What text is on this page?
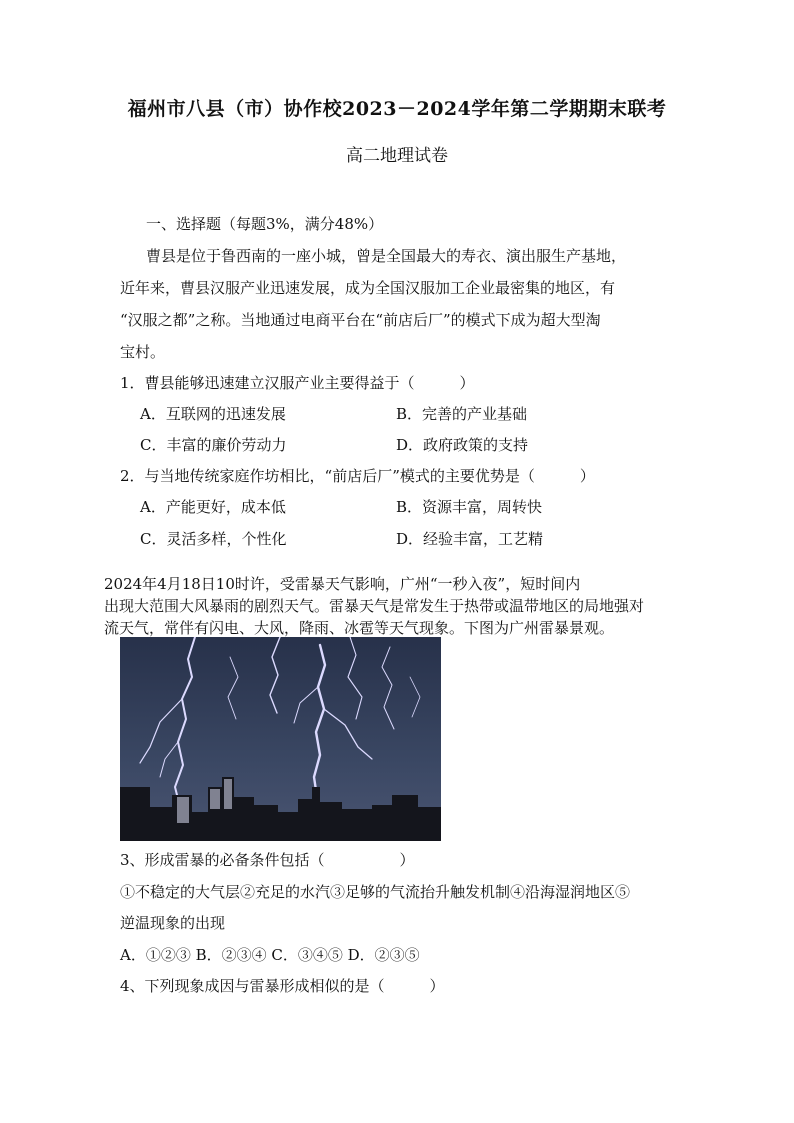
福州市八县（市）协作校2023－2024学年第二学期期末联考
高二地理试卷
一、选择题（每题3%，满分48%）
曹县是位于鲁西南的一座小城，曾是全国最大的寿衣、演出服生产基地，
近年来，曹县汉服产业迅速发展，成为全国汉服加工企业最密集的地区，有
“汉服之都”之称。当地通过电商平台在“前店后厂”的模式下成为超大型淘
宝村。
1．曹县能够迅速建立汉服产业主要得益于（　　　）
A．互联网的迅速发展	B．完善的产业基础
C．丰富的廉价劳动力	D．政府政策的支持
2．与当地传统家庭作坊相比，“前店后厂”模式的主要优势是（　　　）
A．产能更好，成本低	B．资源丰富，周转快
C．灵活多样，个性化	D．经验丰富，工艺精
2024年4月18日10时许，受雷暴天气影响，广州“一秒入夜”，短时间内
出现大范围大风暴雨的剧烈天气。雷暴天气是常发生于热带或温带地区的局地强对
流天气，常伴有闪电、大风，降雨、冰雹等天气现象。下图为广州雷暴景观。
3、形成雷暴的必备条件包括（　　　　　）
①不稳定的大气层②充足的水汽③足够的气流抬升触发机制④沿海湿润地区⑤
逆温现象的出现
A．①②③ B．②③④ C．③④⑤ D．②③⑤
4、下列现象成因与雷暴形成相似的是（　　　）
